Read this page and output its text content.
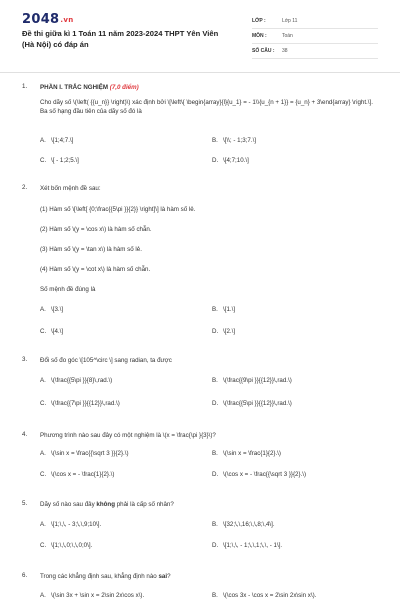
2048.vn
Đề thi giữa kì 1 Toán 11 năm 2023-2024 THPT Yên Viên (Hà Nội) có đáp án
LỚP :	Lớp 11
MÔN :	Toán
SỐ CÂU :	38
1. PHẦN I. TRẮC NGHIỆM (7,0 điểm)
Cho dãy số \(\left( {{u_n}} \right)\) xác định bởi \[\left\{ \begin{array}{l}{u_1} = - 1\\{u_{n + 1}} = {u_n} + 3\end{array} \right.\]. Ba số hạng đầu tiên của dãy số đó là
A. \[1;4;7.\]	B. \[\\; - 1;3;7.\]
C. \[ - 1;2;5.\]	D. \[4;7;10.\]
2. Xét bốn mệnh đề sau:
(1) Hàm số \[\left[ {0;\frac{{5\pi }}{2}} \right]\] là hàm số lẻ.
(2) Hàm số \(y = \cos x\) là hàm số chẵn.
(3) Hàm số \(y = \tan x\) là hàm số lẻ.
(4) Hàm số \(y = \cot x\) là hàm số chẵn.
Số mệnh đề đúng là
A. \[3.\]	B. \[1.\]
C. \[4.\]	D. \[2.\]
3. Đổi số đo góc \[105^\circ \] sang radian, ta được
A. \(\frac{{5\pi }}{8}\,rad.\)	B. \(\frac{{9\pi }}{{12}}\,rad.\)
C. \(\frac{{7\pi }}{{12}}\,rad.\)	D. \(\frac{{5\pi }}{{12}}\,rad.\)
4. Phương trình nào sau đây có một nghiệm là \(x = \frac{\pi }{3}\)?
A. \(\sin x = \frac{{\sqrt 3 }}{2}.\)	B. \(\sin x = \frac{1}{2}.\)
C. \(\cos x = - \frac{1}{2}.\)	D. \(\cos x = - \frac{{\sqrt 3 }}{2}.\)
5. Dãy số nào sau đây không phải là cấp số nhân?
A. \[1;\,\, - 3;\,\,9;10\].	B. \[32;\,\,16;\,\,8;\,4\].
C. \[1;\,\,0;\,\,0;0\].	D. \[1;\,\, - 1;\,\,1;\,\, - 1\].
6. Trong các khẳng định sau, khẳng định nào sai?
A. \(\sin 3x + \sin x = 2\sin 2x\cos x\).	B. \(\cos 3x - \cos x = 2\sin 2x\sin x\).
